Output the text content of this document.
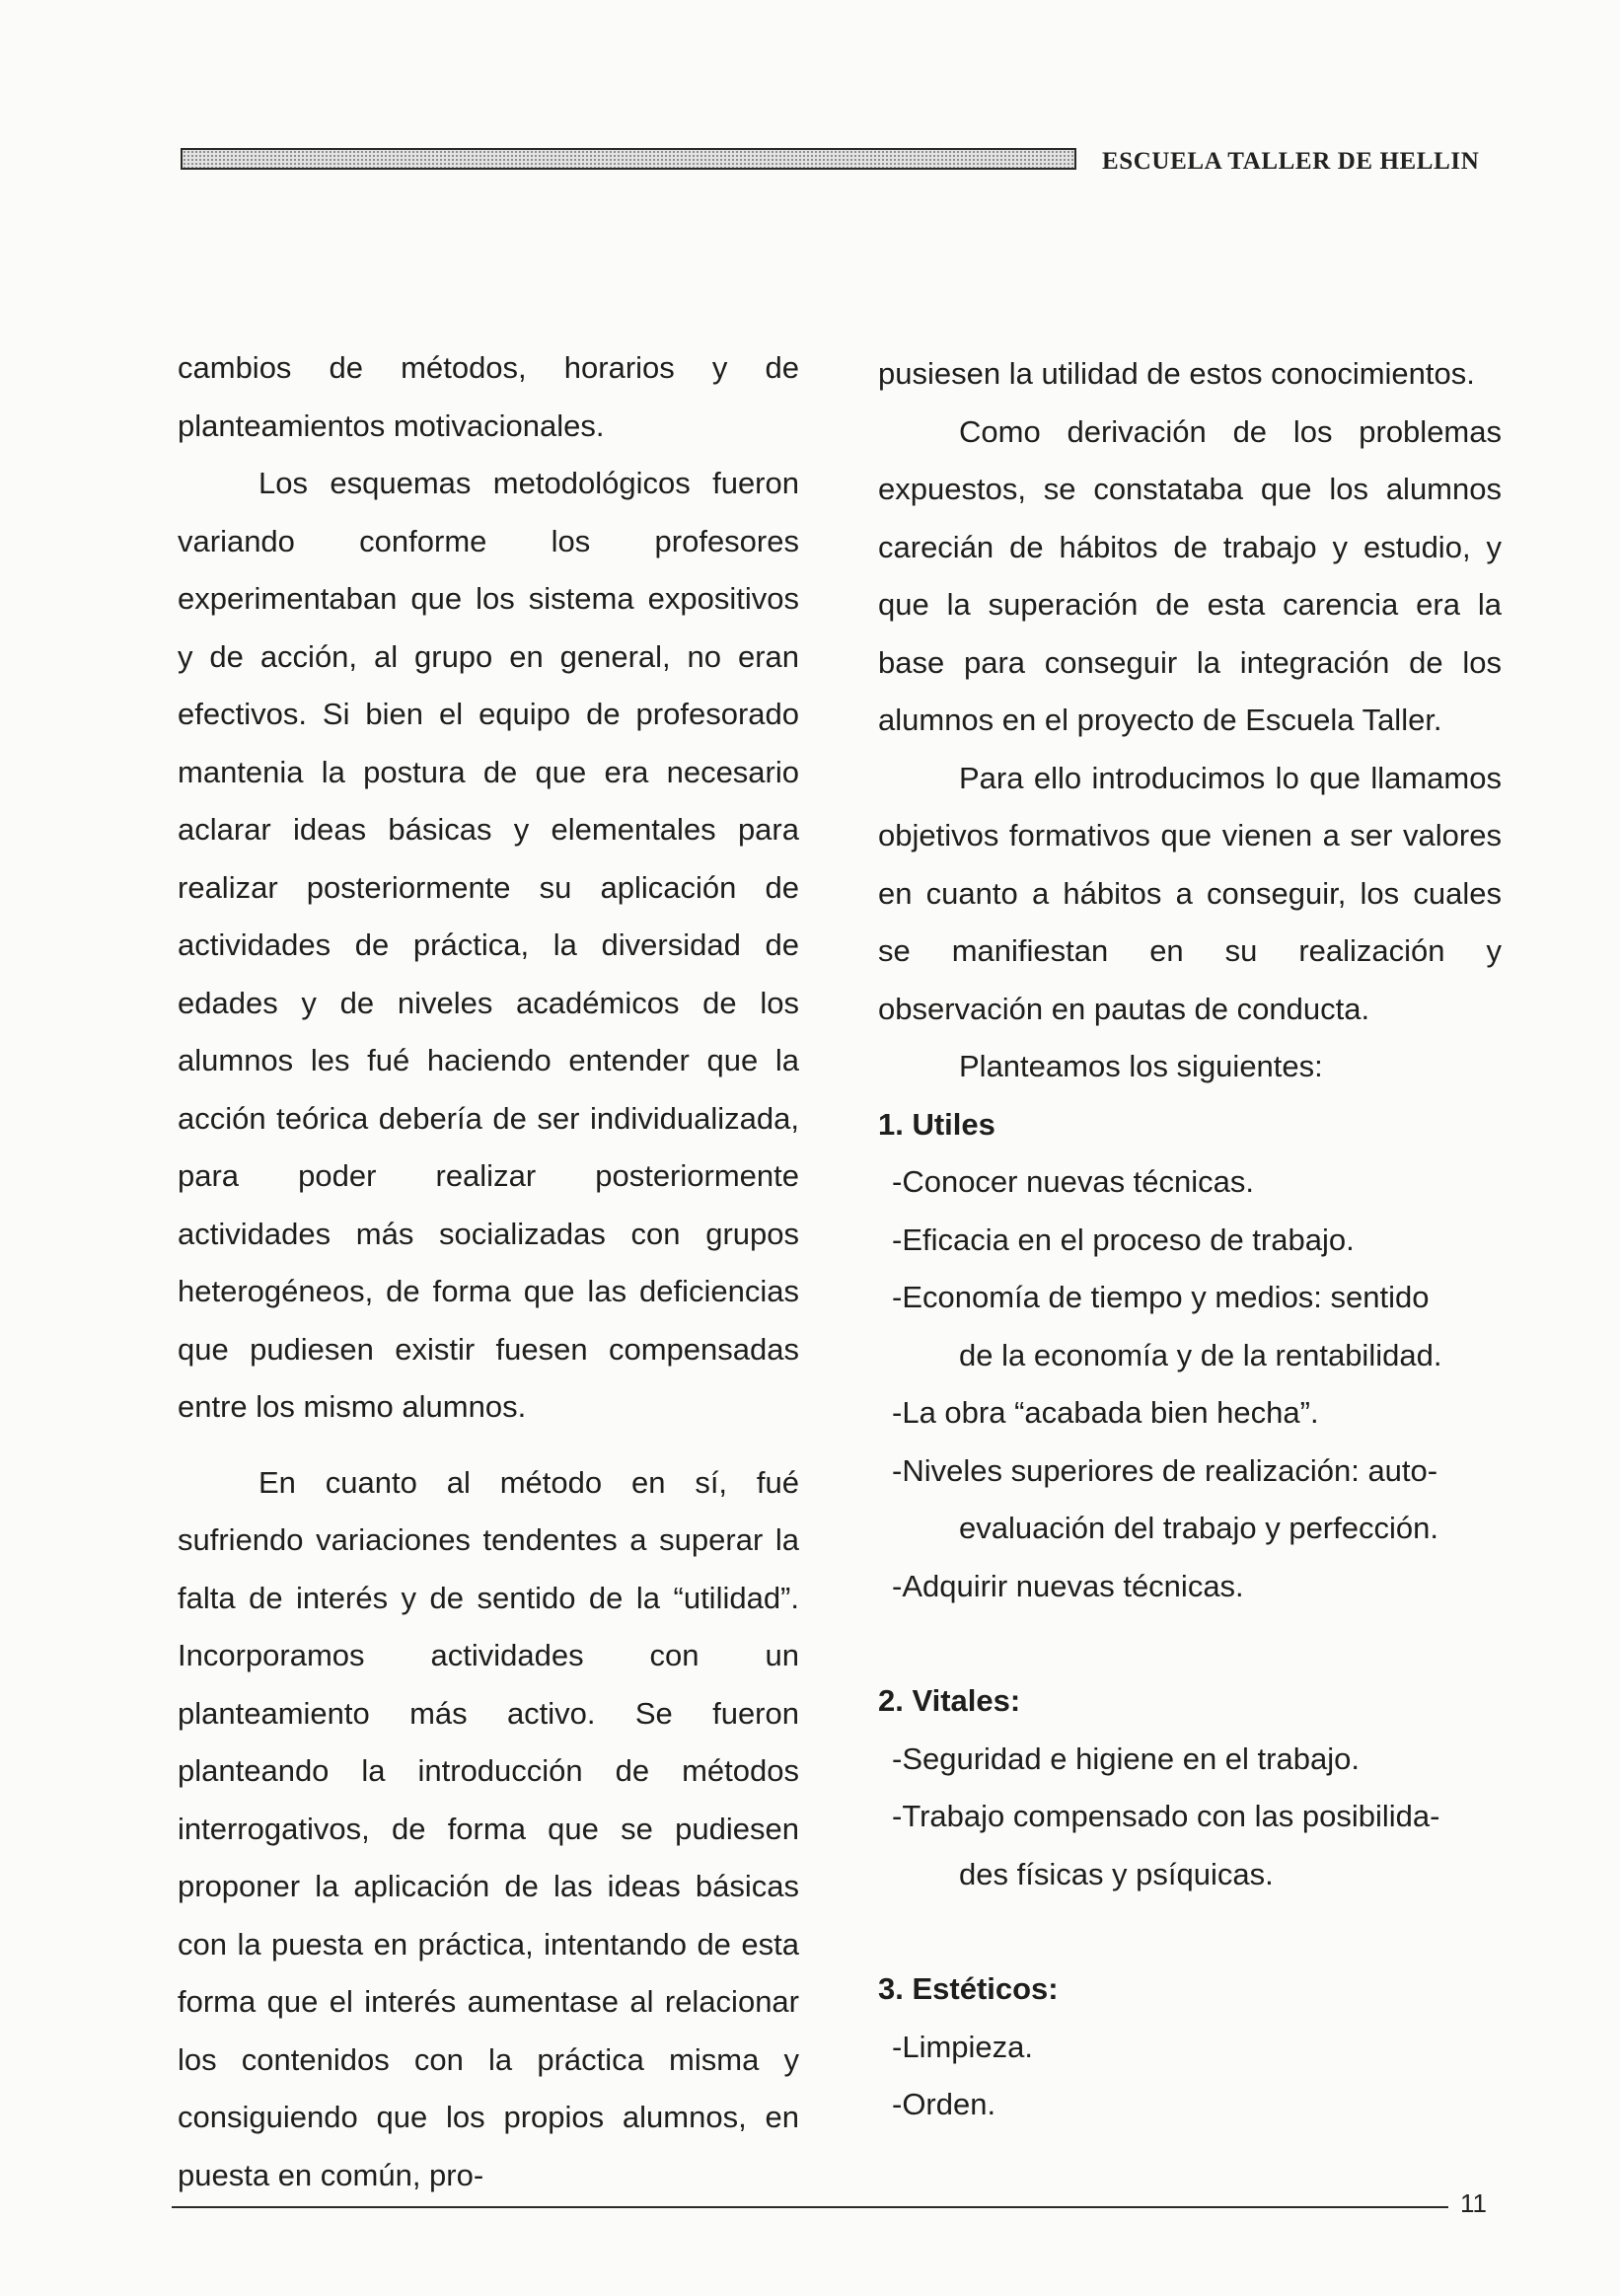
ESCUELA TALLER DE HELLIN

cambios de métodos, horarios y de planteamientos motivacionales.

Los esquemas metodológicos fueron variando conforme los profesores experimentaban que los sistema expositivos y de acción, al grupo en general, no eran efectivos. Si bien el equipo de profesorado mantenia la postura de que era necesario aclarar ideas básicas y elementales para realizar posteriormente su aplicación de actividades de práctica, la diversidad de edades y de niveles académicos de los alumnos les fué haciendo entender que la acción teórica debería de ser individualizada, para poder realizar posteriormente actividades más socializadas con grupos heterogéneos, de forma que las deficiencias que pudiesen existir fuesen compensadas entre los mismo alumnos.

En cuanto al método en sí, fué sufriendo variaciones tendentes a superar la falta de interés y de sentido de la “utilidad”. Incorporamos actividades con un planteamiento más activo. Se fueron planteando la introducción de métodos interrogativos, de forma que se pudiesen proponer la aplicación de las ideas básicas con la puesta en práctica, intentando de esta forma que el interés aumentase al relacionar los contenidos con la práctica misma y consiguiendo que los propios alumnos, en puesta en común, pro-

pusiesen la utilidad de estos conocimientos.

Como derivación de los problemas expuestos, se constataba que los alumnos carecián de hábitos de trabajo y estudio, y que la superación de esta carencia era la base para conseguir la integración de los alumnos en el proyecto de Escuela Taller.

Para ello introducimos lo que llamamos objetivos formativos que vienen a ser valores en cuanto a hábitos a conseguir, los cuales se manifiestan en su realización y observación en pautas de conducta.

Planteamos los siguientes:

1. Utiles

-Conocer nuevas técnicas.

-Eficacia en el proceso de trabajo.

-Economía de tiempo y medios: sentido

de la economía y de la rentabilidad.

-La obra “acabada bien hecha”.

-Niveles superiores de realización: auto-

evaluación del trabajo y perfección.

-Adquirir nuevas técnicas.

2. Vitales:

-Seguridad e higiene en el trabajo.

-Trabajo compensado con las posibilida-

des físicas y psíquicas.

3. Estéticos:

-Limpieza.

-Orden.

11
